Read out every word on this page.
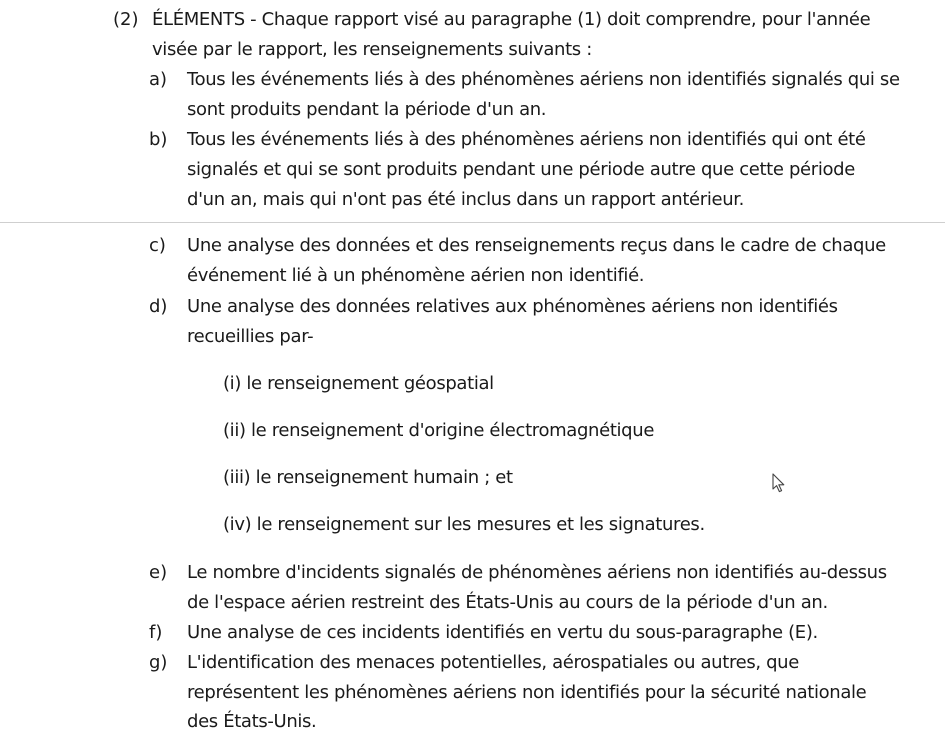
(2) ÉLÉMENTS - Chaque rapport visé au paragraphe (1) doit comprendre, pour l'année
visée par le rapport, les renseignements suivants :
a) Tous les événements liés à des phénomènes aériens non identifiés signalés qui se
sont produits pendant la période d'un an.
b) Tous les événements liés à des phénomènes aériens non identifiés qui ont été
signalés et qui se sont produits pendant une période autre que cette période
d'un an, mais qui n'ont pas été inclus dans un rapport antérieur.
c) Une analyse des données et des renseignements reçus dans le cadre de chaque
événement lié à un phénomène aérien non identifié.
d) Une analyse des données relatives aux phénomènes aériens non identifiés
recueillies par-
(i) le renseignement géospatial
(ii) le renseignement d'origine électromagnétique
(iii) le renseignement humain ; et
(iv) le renseignement sur les mesures et les signatures.
e) Le nombre d'incidents signalés de phénomènes aériens non identifiés au-dessus
de l'espace aérien restreint des États-Unis au cours de la période d'un an.
f) Une analyse de ces incidents identifiés en vertu du sous-paragraphe (E).
g) L'identification des menaces potentielles, aérospatiales ou autres, que
représentent les phénomènes aériens non identifiés pour la sécurité nationale
des États-Unis.
